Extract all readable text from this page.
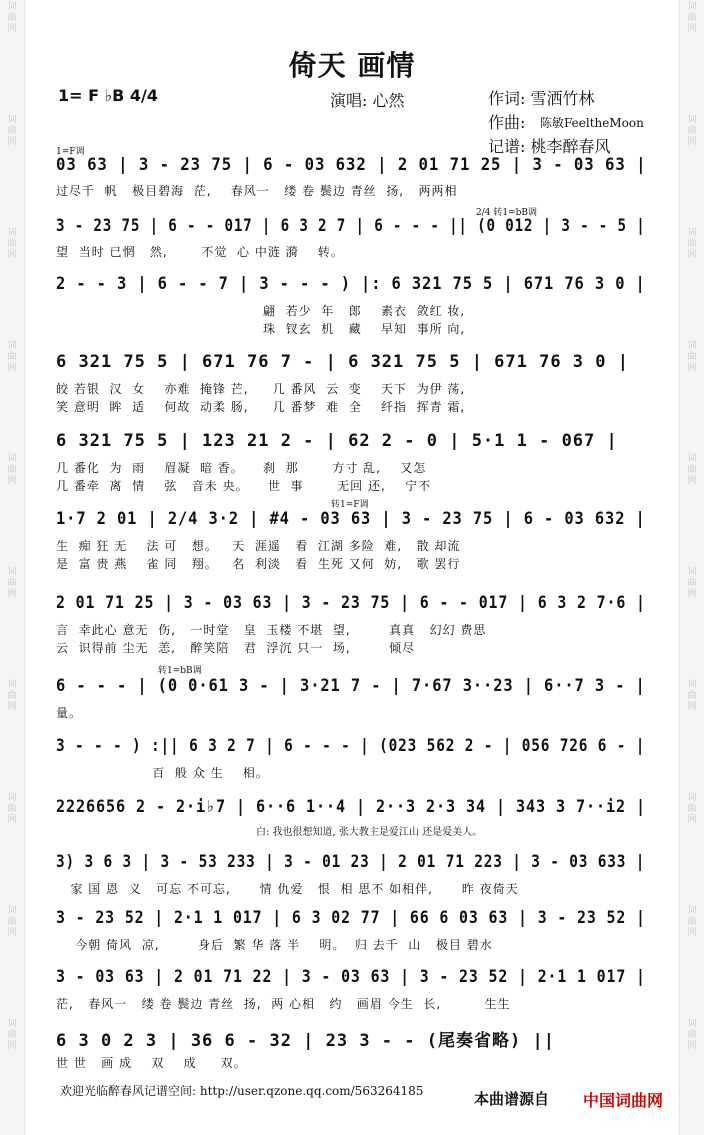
词
曲
网
词
曲
网
词
曲
网
词
曲
网
词
曲
网
词
曲
网
词
曲
网
词
曲
网
词
曲
网
词
曲
网
词
曲
网
词
曲
网
词
曲
网
词
曲
网
词
曲
网
词
曲
网
词
曲
网
词
曲
网
词
曲
网
词
曲
网
倚天 画情
1= F ♭B 4/4	演唱: 心然	作词: 雪洒竹林
作曲: 陈敏FeeltheMoon
记谱: 桃李醉春风
1=F调
03 63 | 3 - 23 75 | 6 - 03 632 | 2 01 71 25 | 3 - 03 63 |
过尽千  帆   极目碧海  茫,    春风一   缕 卷 鬓边 青丝  扬,   两两相
2/4 转1=bB调
3 - 23 75 | 6 - - 017 | 6 3 2 7 | 6 - - - || (0 012 | 3 - - 5 |
望  当时 已惘   然,       不觉  心 中涟 漪    转。
2 - - 3 | 6 - - 7 | 3 - - - ) |: 6 321 75 5 | 671 76 3 0 |
翩  若少  年   郎    素衣  敛红 妆,
珠  钗玄  机   藏    早知  事所 向,
6 321 75 5 | 671 76 7 - | 6 321 75 5 | 671 76 3 0 |
皎 若银  汉  女    亦难  掩锋 芒,     几 番风  云  变    天下  为伊 荡,
笑 意明  眸  适    何故  动柔 肠,     几 番梦  难  全    纤指  挥青 霜,
6 321 75 5 | 123 21 2 - | 62 2 - 0 | 5·1 1 - 067 |
几 番化  为  雨    眉凝  暗 香。    刹  那       方寸 乱,    又怎
几 番牵  离  情    弦   音未 央。    世  事       无回 还,    宁不
转1=F调
1·7 2 01 | 2/4 3·2 | #4 - 03 63 | 3 - 23 75 | 6 - 03 632 |
生  痴 狂 无    法 可   想。   天  涯遥   看  江湖 多险  难,   散 却流
是  富 贵 燕    雀 同   翔。   名  利淡   看  生死 又何  妨,   歌 罢行
2 01 71 25 | 3 - 03 63 | 3 - 23 75 | 6 - - 017 | 6 3 2 7·6 |
言  幸此心 意无  伤,   一时堂   皇  玉楼 不堪  望,        真真   幻幻 费思
云  识得前 尘无  恙,   醉笑陪   君  浮沉 只一  场,        倾尽
转1=bB调
6 - - - | (0 0·61 3 - | 3·21 7 - | 7·67 3··23 | 6··7 3 - |
量。
3 - - - ) :|| 6 3 2 7 | 6 - - - | (023 562 2 - | 056 726 6 - |
百  般 众 生    相。
2226656 2 - 2·i♭7 | 6··6 1··4 | 2··3 2·3 34 | 343 3 7··i2 |
白: 我也很想知道, 张大教主是爱江山 还是爱美人。
3) 3 6 3 | 3 - 53 233 | 3 - 01 23 | 2 01 71 223 | 3 - 03 633 |
家 国 恩  义   可忘 不可忘,      情 仇爱   恨  相 思不 如相伴,      昨 夜倚天
3 - 23 52 | 2·1 1 017 | 6 3 02 77 | 66 6 03 63 | 3 - 23 52 |
今朝 倚风  凉,        身后  繁 华 落 半    明。  归 去千  山   极目 碧水
3 - 03 63 | 2 01 71 22 | 3 - 03 63 | 3 - 23 52 | 2·1 1 017 |
茫,   春风一   缕 卷 鬓边 青丝  扬,  两 心相   约   画眉 今生  长,         生生
6 3 0 2 3 | 36 6 - 32 | 23 3 - - (尾奏省略) ||
世 世   画 成    双    成     双。
欢迎光临醉春风记谱空间: http://user.qzone.qq.com/563264185	本曲谱源自 中国词曲网
